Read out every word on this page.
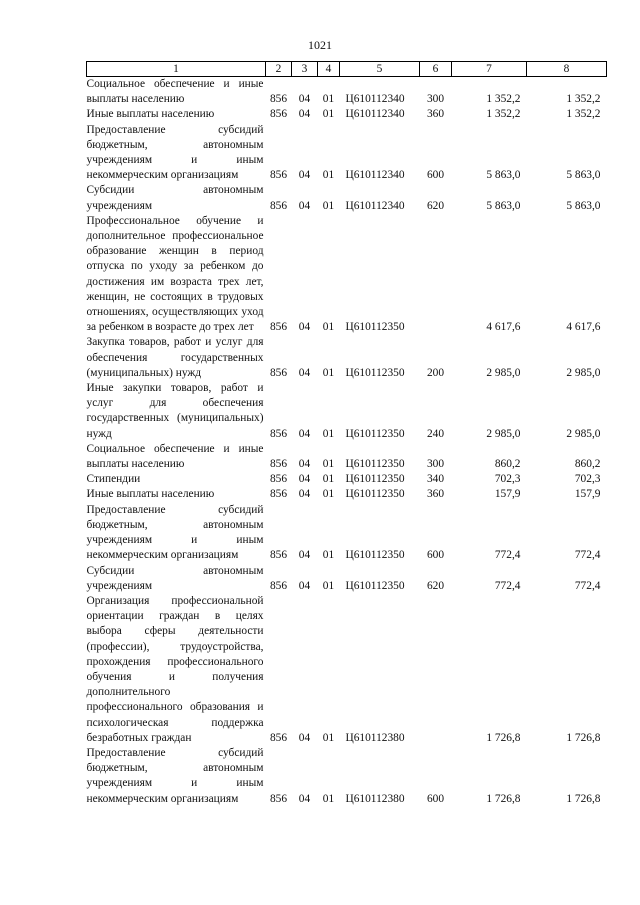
1021
1	2	3	4	5	6	7	8
Социальное обеспечение и иные выплаты населению	856	04	01	Ц610112340	300	1 352,2	1 352,2
Иные выплаты населению	856	04	01	Ц610112340	360	1 352,2	1 352,2
Предоставление субсидий бюджетным, автономным учреждениям и иным некоммерческим организациям	856	04	01	Ц610112340	600	5 863,0	5 863,0
Субсидии автономным учреждениям	856	04	01	Ц610112340	620	5 863,0	5 863,0
Профессиональное обучение и дополнительное профессиональное образование женщин в период отпуска по уходу за ребенком до достижения им возраста трех лет, женщин, не состоящих в трудовых отношениях, осуществляющих уход за ребенком в возрасте до трех лет	856	04	01	Ц610112350		4 617,6	4 617,6
Закупка товаров, работ и услуг для обеспечения государственных (муниципальных) нужд	856	04	01	Ц610112350	200	2 985,0	2 985,0
Иные закупки товаров, работ и услуг для обеспечения государственных (муниципальных) нужд	856	04	01	Ц610112350	240	2 985,0	2 985,0
Социальное обеспечение и иные выплаты населению	856	04	01	Ц610112350	300	860,2	860,2
Стипендии	856	04	01	Ц610112350	340	702,3	702,3
Иные выплаты населению	856	04	01	Ц610112350	360	157,9	157,9
Предоставление субсидий бюджетным, автономным учреждениям и иным некоммерческим организациям	856	04	01	Ц610112350	600	772,4	772,4
Субсидии автономным учреждениям	856	04	01	Ц610112350	620	772,4	772,4
Организация профессиональной ориентации граждан в целях выбора сферы деятельности (профессии), трудоустройства, прохождения профессионального обучения и получения дополнительного профессионального образования и психологическая поддержка безработных граждан	856	04	01	Ц610112380		1 726,8	1 726,8
Предоставление субсидий бюджетным, автономным учреждениям и иным некоммерческим организациям	856	04	01	Ц610112380	600	1 726,8	1 726,8
